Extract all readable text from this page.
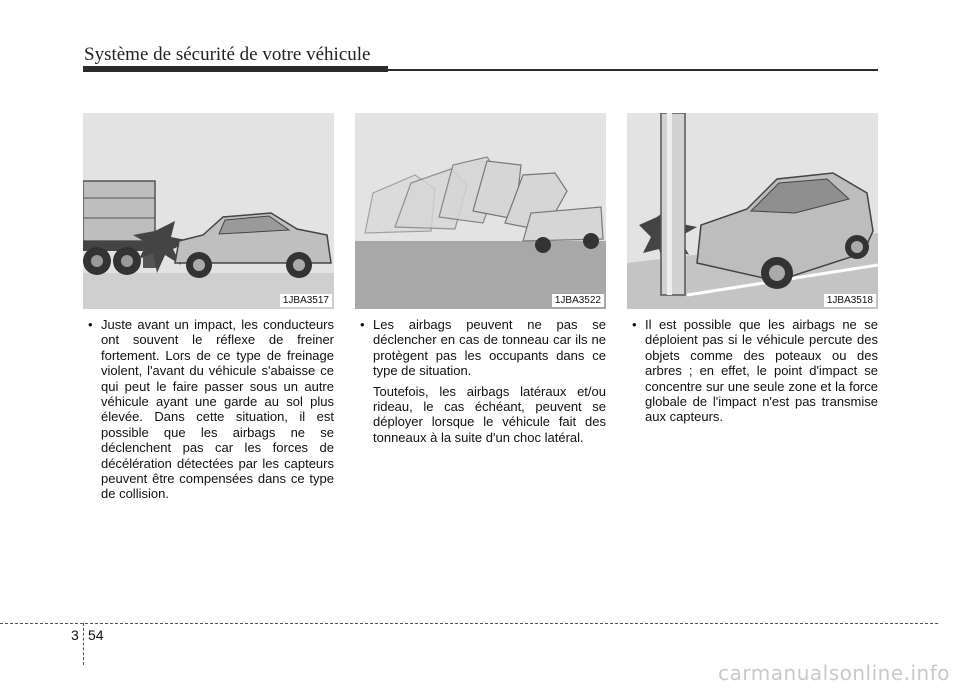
Système de sécurité de votre véhicule
1JBA3517	1JBA3522	1JBA3518

• Juste avant un impact, les conducteurs ont souvent le réflexe de freiner fortement. Lors de ce type de freinage violent, l'avant du véhicule s'abaisse ce qui peut le faire passer sous un autre véhicule ayant une garde au sol plus élevée. Dans cette situation, il est possible que les airbags ne se déclenchent pas car les forces de décélération détectées par les capteurs peuvent être compensées dans ce type de collision.

• Les airbags peuvent ne pas se déclencher en cas de tonneau car ils ne protègent pas les occupants dans ce type de situation.

Toutefois, les airbags latéraux et/ou rideau, le cas échéant, peuvent se déployer lorsque le véhicule fait des tonneaux à la suite d'un choc latéral.

• Il est possible que les airbags ne se déploient pas si le véhicule percute des objets comme des poteaux ou des arbres ; en effet, le point d'impact se concentre sur une seule zone et la force globale de l'impact n'est pas transmise aux capteurs.

3 54
carmanualsonline.info
